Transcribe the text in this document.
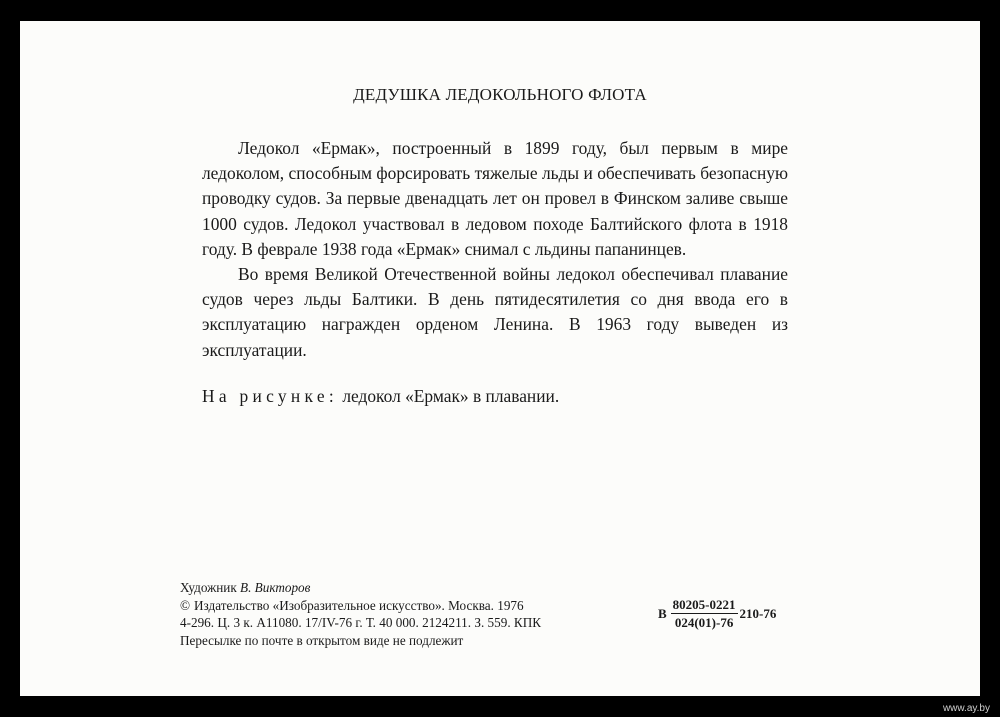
ДЕДУШКА ЛЕДОКОЛЬНОГО ФЛОТА

Ледокол «Ермак», построенный в 1899 году, был первым в мире ледоколом, способным форсировать тяжелые льды и обеспечивать безопасную проводку судов. За первые двенадцать лет он провел в Финском заливе свыше 1000 судов. Ледокол участвовал в ледовом походе Балтийского флота в 1918 году. В феврале 1938 года «Ермак» снимал с льдины папанинцев.

Во время Великой Отечественной войны ледокол обеспечивал плавание судов через льды Балтики. В день пятидесятилетия со дня ввода его в эксплуатацию награжден орденом Ленина. В 1963 году выведен из эксплуатации.

На рисунке: ледокол «Ермак» в плавании.

Художник В. Викторов
© Издательство «Изобразительное искусство». Москва. 1976
4-296. Ц. 3 к. А11080. 17/IV-76 г. Т. 40 000. 2124211. З. 559. КПК
Пересылке по почте в открытом виде не подлежит
В $\frac{80205-0221}{024(01)-76} 210-76$
www.ay.by
